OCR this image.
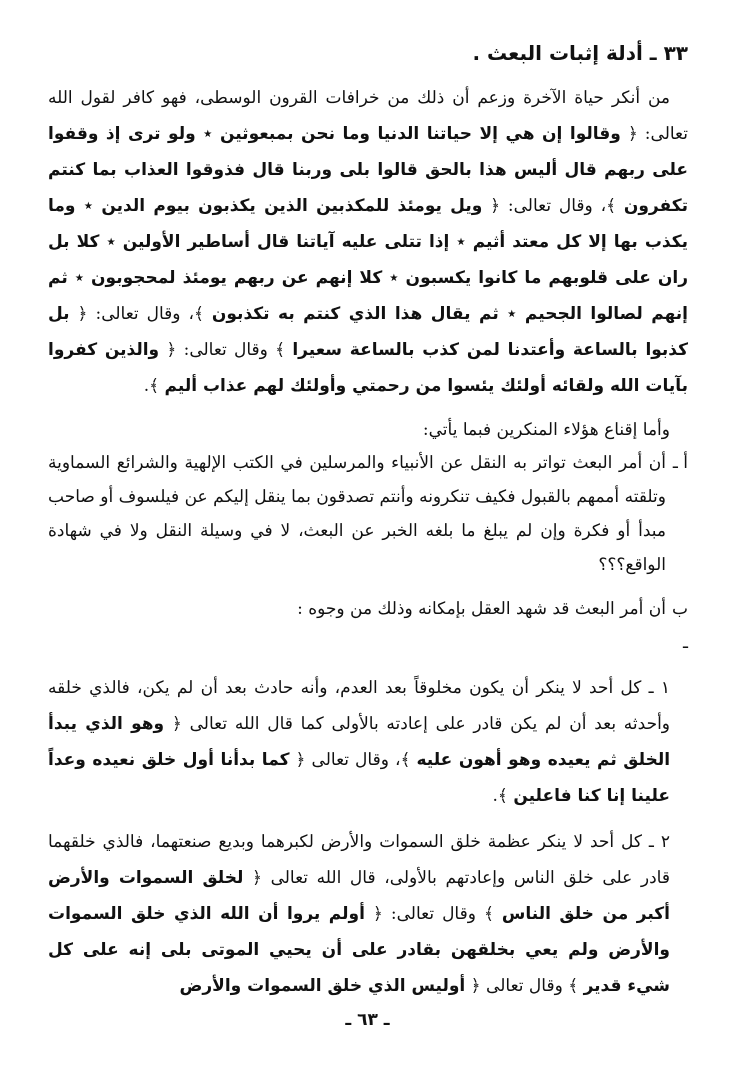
٣٣ ـ أدلة إثبات البعث .

من أنكر حياة الآخرة وزعم أن ذلك من خرافات القرون الوسطى، فهو كافر لقول الله تعالى: ﴿ وقالوا إن هي إلا حياتنا الدنيا وما نحن بمبعوثين ٭ ولو ترى إذ وقفوا على ربهم قال أليس هذا بالحق قالوا بلى وربنا قال فذوقوا العذاب بما كنتم تكفرون ﴾، وقال تعالى: ﴿ ويل يومئذ للمكذبين الذين يكذبون بيوم الدين ٭ وما يكذب بها إلا كل معتد أثيم ٭ إذا تتلى عليه آياتنا قال أساطير الأولين ٭ كلا بل ران على قلوبهم ما كانوا يكسبون ٭ كلا إنهم عن ربهم يومئذ لمحجوبون ٭ ثم إنهم لصالوا الجحيم ٭ ثم يقال هذا الذي كنتم به تكذبون ﴾، وقال تعالى: ﴿ بل كذبوا بالساعة وأعتدنا لمن كذب بالساعة سعيرا ﴾ وقال تعالى: ﴿ والذين كفروا بآيات الله ولقائه أولئك يئسوا من رحمتي وأولئك لهم عذاب أليم ﴾.

وأما إقناع هؤلاء المنكرين فبما يأتي:

أ ـ
أن أمر البعث تواتر به النقل عن الأنبياء والمرسلين في الكتب الإلهية والشرائع السماوية وتلقته أممهم بالقبول فكيف تنكرونه وأنتم تصدقون بما ينقل إليكم عن فيلسوف أو صاحب مبدأ أو فكرة وإن لم يبلغ ما بلغه الخبر عن البعث، لا في وسيلة النقل ولا في شهادة الواقع؟؟؟
ب ـ
أن أمر البعث قد شهد العقل بإمكانه وذلك من وجوه :

١ ـ كل أحد لا ينكر أن يكون مخلوقاً بعد العدم، وأنه حادث بعد أن لم يكن، فالذي خلقه وأحدثه بعد أن لم يكن قادر على إعادته بالأولى كما قال الله تعالى ﴿ وهو الذي يبدأ الخلق ثم يعيده وهو أهون عليه ﴾، وقال تعالى ﴿ كما بدأنا أول خلق نعيده وعداً علينا إنا كنا فاعلين ﴾.

٢ ـ كل أحد لا ينكر عظمة خلق السموات والأرض لكبرهما وبديع صنعتهما، فالذي خلقهما قادر على خلق الناس وإعادتهم بالأولى، قال الله تعالى ﴿ لخلق السموات والأرض أكبر من خلق الناس ﴾ وقال تعالى: ﴿ أولم يروا أن الله الذي خلق السموات والأرض ولم يعي بخلقهن بقادر على أن يحيي الموتى بلى إنه على كل شيء قدير ﴾ وقال تعالى ﴿ أوليس الذي خلق السموات والأرض

ـ ٦٣ ـ
